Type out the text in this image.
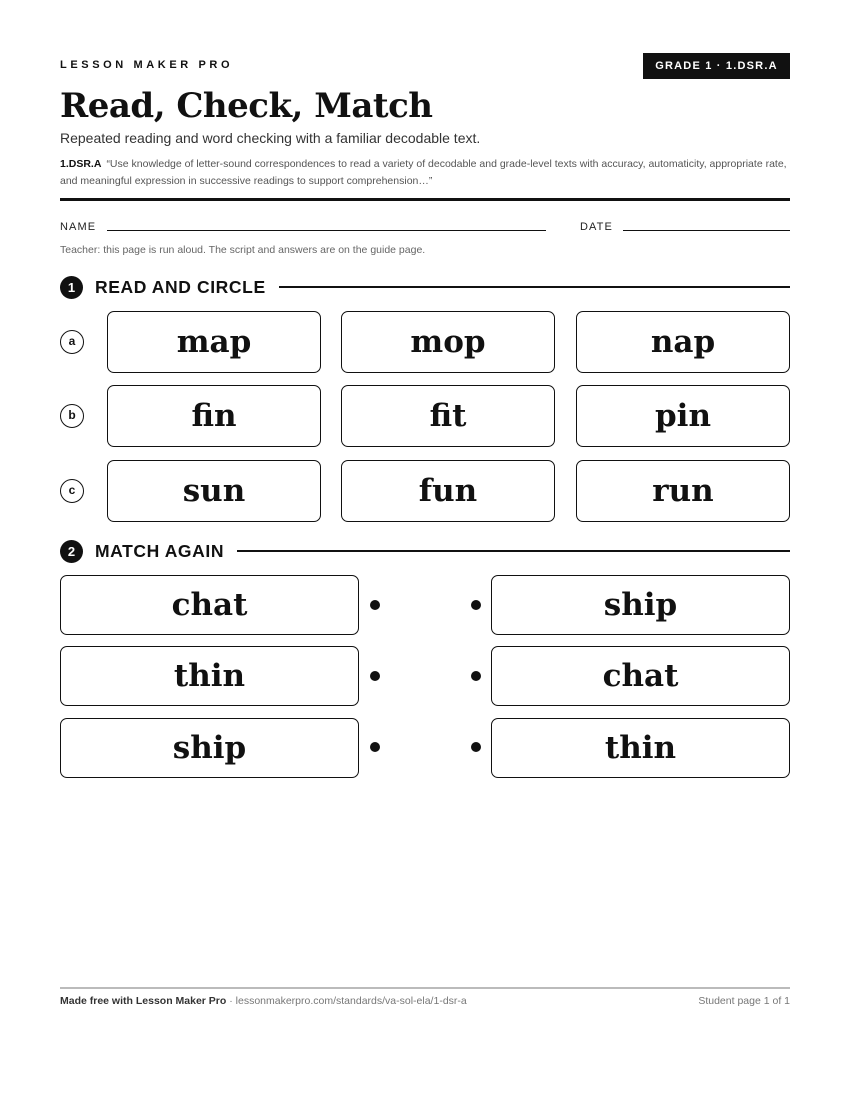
LESSON MAKER PRO	GRADE 1 · 1.DSR.A
Read, Check, Match
Repeated reading and word checking with a familiar decodable text.
1.DSR.A “Use knowledge of letter-sound correspondences to read a variety of decodable and grade-level texts with accuracy, automaticity, appropriate rate, and meaningful expression in successive readings to support comprehension…”
NAME	DATE
Teacher: this page is run aloud. The script and answers are on the guide page.
1	READ AND CIRCLE
a	map	mop	nap
b	fin	fit	pin
c	sun	fun	run
2	MATCH AGAIN
chat	ship
thin	chat
ship	thin
Made free with Lesson Maker Pro · lessonmakerpro.com/standards/va-sol-ela/1-dsr-a	Student page 1 of 1
